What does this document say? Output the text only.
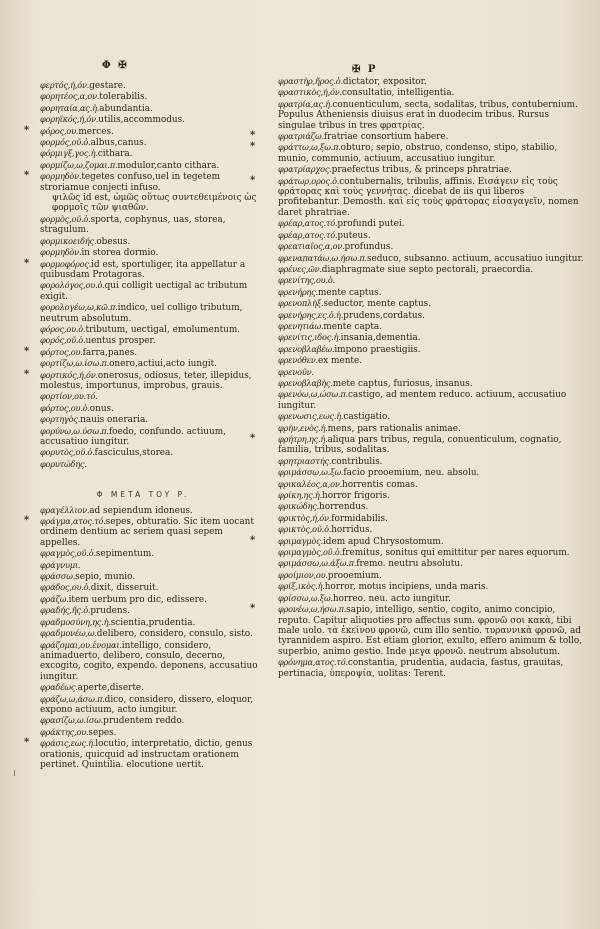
Φ ✠	✠ Ρ

φερτός,ή,όν.gestare.

φορητέος,α,ον.tolerabilis.

φορηταία,ας.ἡ.abundantia.

φορηϊκός,ή,όν.utilis,accommodus.

* φόρος,ου.merces.

φορμός,οῦ.ὁ.albus,canus.

φόρμιγξ,γος.ἡ.cithara.

φορμίζω,ω,ζομαι.π.modulor,canto cithara.

* φορμηδὸν.tegetes confuso,uel in tegetem stroriamue conjecti infuso.

ψιλῶς id est, ὡμῶς οὕτως συντεθειμένοις ὡς φορμοῖς τῶν ψιαθῶν.

φορμὸς,οῦ.ὁ.sporta, cophynus, uas, storea, stragulum.

φορμικοειδής.obesus.

φορμηδὸν.in storea dormio.

* φορμοφόρος.id est, sportuliger, ita appellatur a quibusdam Protagoras.

φορολόγος,ου.ὁ.qui colligit uectigal ac tributum exigit.

φορολογέω,ω,κῶ.π.indico, uel colligo tributum, neutrum absolutum.

φόρος,ου.ὁ.tributum, uectigal, emolumentum.

φορός,οῦ.ὁ.uentus prosper.

* φόρτος,ου.farra,panes.

φορτίζω,ω.ίσω.π.onero,actiui,acto iungit.

* φορτικός,ή,όν.onerosus, odiosus, teter, illepidus, molestus, importunus, improbus, grauis.

φορτίον,ου.τό.

φόρτος,ου.ὁ.onus.

φορτηγὸς.nauis oneraria.

φορύνω,ω.ύσω.π.foedo, confundo. actiuum, accusatiuo iungitur.

φορυτὸς,οῦ.ὁ.fasciculus,storea.

φορυτώδης.

Φ META TOY P.

φραγέλλιον.ad sepiendum idoneus.

* φράγμα,ατος.τό.sepes, obturatio. Sic item uocant ordinem dentium ac seriem quasi sepem appelles.

φραγμὸς,οῦ.ὁ.sepimentum.

φράγνυμι.

φράσσω.sepio, munio.

φράδος,ου.ὁ.dixit, disseruit.

φράζω.item uerbum pro dic, edissere.

φραδής,ῆς.ὁ.prudens.

φραδμοσύνη,ης.ἡ.scientia,prudentia.

φραδμονέω,ω.delibero, considero, consulo, sisto.

φράζομαι,ου.ἐνομαι.intelligo, considero, animaduerto, delibero, consulo, decerno, excogito, cogito, expendo. deponens, accusatiuo iungitur.

φραδέως.aperte,diserte.

φράζω,ω,άσω.π.dico, considero, dissero, eloquor, expono actiuum, acto iungitur.

φρασίζω,ω.ίσω.prudentem reddo.

φράκτης,ου.sepes.

* φράσις,εως.ἡ.locutio, interpretatio, dictio, genus orationis, quicquid ad instructam orationem pertinet. Quintilia. elocutione uertit.

φραστὴρ,ῆρος.ὁ.dictator, expositor.

φραστικὸς,ή,όν.consultatio, intelligentia.

φρατρία,ας.ἡ.conuenticulum, secta, sodalitas, tribus, contubernium. Populus Atheniensis diuisus erat in duodecim tribus. Rursus singulae tribus in tres φρατρίας.

*	φρατριάζω.fratriae consortium habere.

*	φράττω,ω,ξω.π.obturo, sepio, obstruo, condenso, stipo, stabilio, munio, communio, actiuum, accusatiuo iungitur.

φρατρίαρχος.praefectus tribus, & princeps phratriae.

*	φράτωρ,ορος.ὁ.contubernalis, tribulis, affinis. Εισάγειν εἰς τοὺς φράτορας καὶ τοὺς γεννήτας. dicebat de iis qui liberos profitebantur. Demosth. καὶ εἰς τοὺς φράτορας εἰσαγαγεῖν, nomen daret phratriae.

φρέαρ,ατος.τό.profundi putei.

φρέαρ,ατος.τό.puteus.

φρεατιαῖος,α,ον.profundus.

φρεναπατάω,ω.ήσω.π.seduco, subsanno. actiuum, accusatiuo iungitur.

φρένες,ῶν.diaphragmate siue septo pectorali, praecordia.

φρενίτης,ου.ὁ.

φρενήρης.mente captus.

φρενοπλὴξ.seductor, mente captus.

φρενήρης,ες.ὁ.ἡ.prudens,cordatus.

φρενητιάω.mente capta.

φρενίτις,ιδος.ἡ.insania,dementia.

φρενοβλαβέω.impono praestigiis.

φρενόθεν.ex mente.

φρενοῦν.

φρενοβλαβὴς.mete captus, furiosus, insanus.

φρενόω,ω,ώσω.π.castigo, ad mentem reduco. actiuum, accusatiuo iungitur.

φρενωσις,εως.ἡ.castigatio.

φρὴν,ενὸς.ἡ.mens, pars rationalis animae.

*	φρήτρη,ης.ἡ.aliqua pars tribus, regula, conuenticulum, cognatio, familia, tribus, sodalitas.

φρητριαστής.contribulis.

φριμάσσω,ω.ξω.facio prooemium, neu. absolu.

φρικαλέος,α,ον.horrentis comas.

φρίκη,ης.ἡ.horror frigoris.

φρικώδης.horrendus.

φρικτὸς,ή,όν.formidabilis.

φρικτὸς,οῦ.ὁ.horridus.

*	φριμαγμὸς.idem apud Chrysostomum.

φριμαγμὸς,οῦ.ὁ.fremitus, sonitus qui emittitur per nares equorum.

φριμάσσω,ω.άξω.π.fremo. neutru absolutu.

φροίμιον,ου.prooemium.

φρίξ,ικὸς.ἡ.horror, motus incipiens, unda maris.

φρίσσω,ω.ξω.horreo. neu. acto iungitur.

*	φρονέω,ω,ήσω.π.sapio, intelligo, sentio, cogito, animo concipio, reputo. Capitur aliquoties pro affectus sum. φρονῶ σοι κακὰ, tibi male uolo. τὰ ἐκείνου φρονῶ, cum illo sentio. τυραννικὰ φρονῶ, ad tyrannidem aspiro. Est etiam glorior, exulto, effero animum & tollo, superbio, animo gestio. Inde μεγα φρονῶ. neutrum absolutum.

φρόνημα,ατος.τό.constantia, prudentia, audacia, fastus, grauitas, pertinacia, ὑπεροψία, uolitas: Terent.
